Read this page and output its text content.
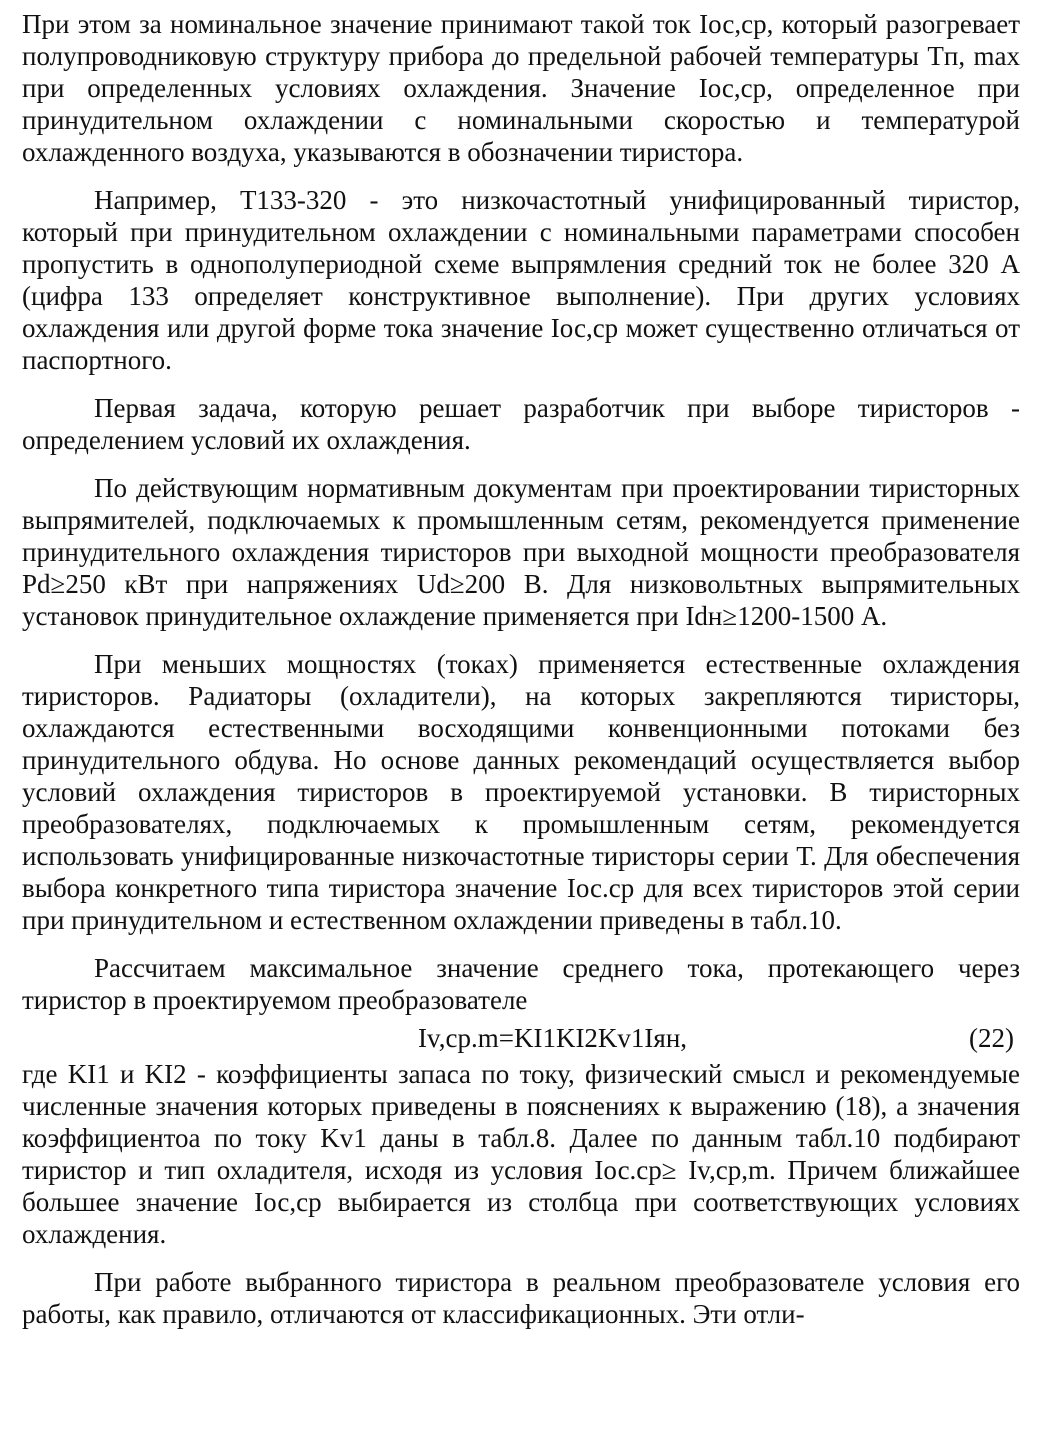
При этом за номинальное значение принимают такой ток Iос,ср, который разогревает полупроводниковую структуру прибора до предельной рабочей температуры Tп, max при определенных условиях охлаждения. Значение Iос,ср, определенное при принудительном охлаждении с номинальными скоростью и температурой охлажденного воздуха, указываются в обозначении тиристора.

Например, Т133-320 - это низкочастотный унифицированный тиристор, который при принудительном охлаждении с номинальными параметрами способен пропустить в однополупериодной схеме выпрямления средний ток не более 320 А (цифра 133 определяет конструктивное выполнение). При других условиях охлаждения или другой форме тока значение Iос,ср может существенно отличаться от паспортного.

Первая задача, которую решает разработчик при выборе тиристоров - определением условий их охлаждения.

По действующим нормативным документам при проектировании тиристорных выпрямителей, подключаемых к промышленным сетям, рекомендуется применение принудительного охлаждения тиристоров при выходной мощности преобразователя Pd≥250 кВт при напряжениях Ud≥200 В. Для низковольтных выпрямительных установок принудительное охлаждение применяется при Idн≥1200-1500 А.

При меньших мощностях (токах) применяется естественные охлаждения тиристоров. Радиаторы (охладители), на которых закрепляются тиристоры, охлаждаются естественными восходящими конвенционными потоками без принудительного обдува. Но основе данных рекомендаций осуществляется выбор условий охлаждения тиристоров в проектируемой установки. В тиристорных преобразователях, подключаемых к промышленным сетям, рекомендуется использовать унифицированные низкочастотные тиристоры серии Т. Для обеспечения выбора конкретного типа тиристора значение Iос.ср для всех тиристоров этой серии при принудительном и естественном охлаждении приведены в табл.10.

Рассчитаем максимальное значение среднего тока, протекающего через тиристор в проектируемом преобразователе

Iv,ср.m=KI1KI2Kv1Iян,	(22)

где KI1 и KI2 - коэффициенты запаса по току, физический смысл и рекомендуемые численные значения которых приведены в пояснениях к выражению (18), а значения коэффициентоа по току Kv1 даны в табл.8. Далее по данным табл.10 подбирают тиристор и тип охладителя, исходя из условия Iос.ср≥ Iv,ср,m. Причем ближайшее большее значение Iос,ср выбирается из столбца при соответствующих условиях охлаждения.

При работе выбранного тиристора в реальном преобразователе условия его работы, как правило, отличаются от классификационных. Эти отли-
